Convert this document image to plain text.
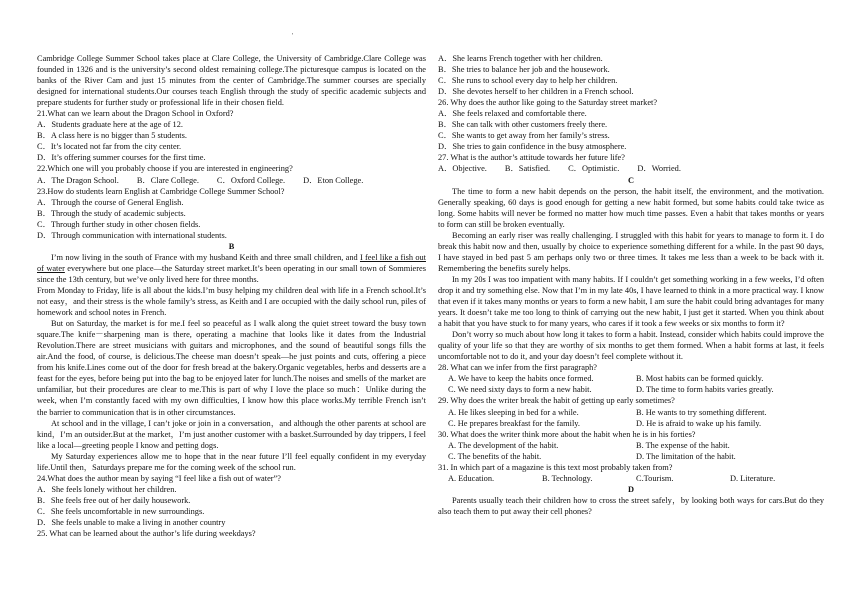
'

Cambridge College Summer School takes place at Clare College, the University of Cambridge.Clare College was founded in 1326 and is the university’s second oldest remaining college.The picturesque campus is located on the banks of the River Cam and just 15 minutes from the center of Cambridge.The summer courses are specially designed for international students.Our courses teach English through the study of specific academic subjects and prepare students for further study or professional life in their chosen field.

21.What can we learn about the Dragon School in Oxford?
A．Students graduate here at the age of 12.
B．A class here is no bigger than 5 students.
C．It’s located not far from the city center.
D．It’s offering summer courses for the first time.
22.Which one will you probably choose if you are interested in engineering?
A．The Dragon School. B．Clare College. C．Oxford College. D．Eton College.
23.How do students learn English at Cambridge College Summer School?
A．Through the course of General English.
B．Through the study of academic subjects.
C．Through further study in other chosen fields.
D．Through communication with international students.
B

I’m now living in the south of France with my husband Keith and three small children, and I feel like a fish out of water everywhere but one place—the Saturday street market.It’s been operating in our small town of Sommieres since the 13th century, but we’ve only lived here for three months.

From Monday to Friday, life is all about the kids.I’m busy helping my children deal with life in a French school.It’s not easy，and their stress is the whole family’s stress, as Keith and I are occupied with the daily school run, piles of homework and school notes in French.

But on Saturday, the market is for me.I feel so peaceful as I walk along the quiet street toward the busy town square.The knife－sharpening man is there, operating a machine that looks like it dates from the Industrial Revolution.There are street musicians with guitars and microphones, and the sound of beautiful songs fills the air.And the food, of course, is delicious.The cheese man doesn’t speak—he just points and cuts, offering a piece from his knife.Lines come out of the door for fresh bread at the bakery.Organic vegetables, herbs and desserts are a feast for the eyes, before being put into the bag to be enjoyed later for lunch.The noises and smells of the market are unfamiliar, but their procedures are clear to me.This is part of why I love the place so much：Unlike during the week, when I’m constantly faced with my own difficulties, I know how this place works.My terrible French isn’t the barrier to communication that is in other circumstances.

At school and in the village, I can’t joke or join in a conversation，and although the other parents at school are kind，I’m an outsider.But at the market，I’m just another customer with a basket.Surrounded by day trippers, I feel like a local—greeting people I know and petting dogs.

My Saturday experiences allow me to hope that in the near future I’ll feel equally confident in my everyday life.Until then，Saturdays prepare me for the coming week of the school run.

24.What does the author mean by saying “I feel like a fish out of water”?
A．She feels lonely without her children.
B．She feels free out of her daily housework.
C．She feels uncomfortable in new surroundings.
D．She feels unable to make a living in another country
25. What can be learned about the author’s life during weekdays?
A．She learns French together with her children.
B．She tries to balance her job and the housework.
C．She runs to school every day to help her children.
D．She devotes herself to her children in a French school.
26. Why does the author like going to the Saturday street market?
A．She feels relaxed and comfortable there.
B．She can talk with other customers freely there.
C．She wants to get away from her family’s stress.
D．She tries to gain confidence in the busy atmosphere.
27. What is the author’s attitude towards her future life?
A．Objective. B．Satisfied. C．Optimistic. D．Worried.
C

The time to form a new habit depends on the person, the habit itself, the environment, and the motivation. Generally speaking, 60 days is good enough for getting a new habit formed, but some habits could take twice as long. Some habits will never be formed no matter how much time passes. Even a habit that takes months or years to form can still be broken eventually.

Becoming an early riser was really challenging. I struggled with this habit for years to manage to form it. I do break this habit now and then, usually by choice to experience something different for a while. In the past 90 days, I have stayed in bed past 5 am perhaps only two or three times. It takes me less than a week to be back with it. Remembering the benefits surely helps.

In my 20s I was too impatient with many habits. If I couldn’t get something working in a few weeks, I’d often drop it and try something else. Now that I’m in my late 40s, I have learned to think in a more practical way. I know that even if it takes many months or years to form a new habit, I am sure the habit could bring advantages for many years. It doesn’t take me too long to think of carrying out the new habit, I just get it started. When you think about a habit that you have stuck to for many years, who cares if it took a few weeks or six months to form it?

Don’t worry so much about how long it takes to form a habit. Instead, consider which habits could improve the quality of your life so that they are worthy of six months to get them formed. When a habit forms at last, it feels uncomfortable not to do it, and your day doesn’t feel complete without it.

28. What can we infer from the first paragraph?
A. We have to keep the habits once formed.	B. Most habits can be formed quickly.
C. We need sixty days to form a new habit.	D. The time to form habits varies greatly.
29. Why does the writer break the habit of getting up early sometimes?
A. He likes sleeping in bed for a while.	B. He wants to try something different.
C. He prepares breakfast for the family.	D. He is afraid to wake up his family.
30. What does the writer think more about the habit when he is in his forties?
A. The development of the habit.	B. The expense of the habit.
C. The benefits of the habit.	D. The limitation of the habit.
31. In which part of a magazine is this text most probably taken from?
A. Education.	B. Technology.	C.Tourism.	D. Literature.
D

Parents usually teach their children how to cross the street safely，by looking both ways for cars.But do they also teach them to put away their cell phones?
